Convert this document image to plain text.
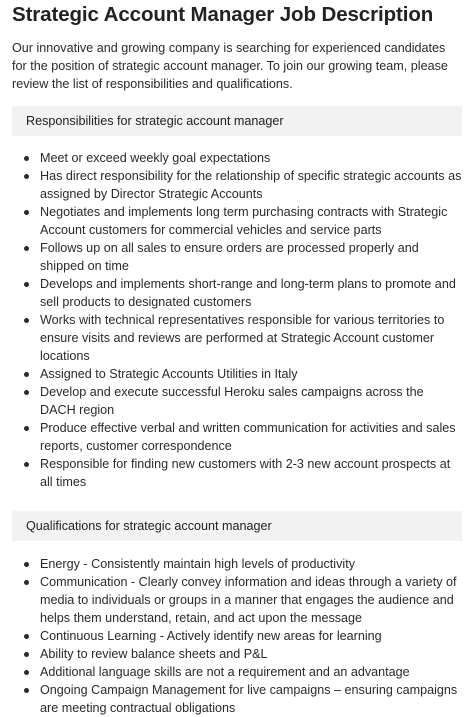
Strategic Account Manager Job Description

Our innovative and growing company is searching for experienced candidates for the position of strategic account manager. To join our growing team, please review the list of responsibilities and qualifications.

Responsibilities for strategic account manager
Meet or exceed weekly goal expectations
Has direct responsibility for the relationship of specific strategic accounts as assigned by Director Strategic Accounts
Negotiates and implements long term purchasing contracts with Strategic Account customers for commercial vehicles and service parts
Follows up on all sales to ensure orders are processed properly and shipped on time
Develops and implements short-range and long-term plans to promote and sell products to designated customers
Works with technical representatives responsible for various territories to ensure visits and reviews are performed at Strategic Account customer locations
Assigned to Strategic Accounts Utilities in Italy
Develop and execute successful Heroku sales campaigns across the DACH region
Produce effective verbal and written communication for activities and sales reports, customer correspondence
Responsible for finding new customers with 2-3 new account prospects at all times
Qualifications for strategic account manager
Energy - Consistently maintain high levels of productivity
Communication - Clearly convey information and ideas through a variety of media to individuals or groups in a manner that engages the audience and helps them understand, retain, and act upon the message
Continuous Learning - Actively identify new areas for learning
Ability to review balance sheets and P&L
Additional language skills are not a requirement and an advantage
Ongoing Campaign Management for live campaigns – ensuring campaigns are meeting contractual obligations
